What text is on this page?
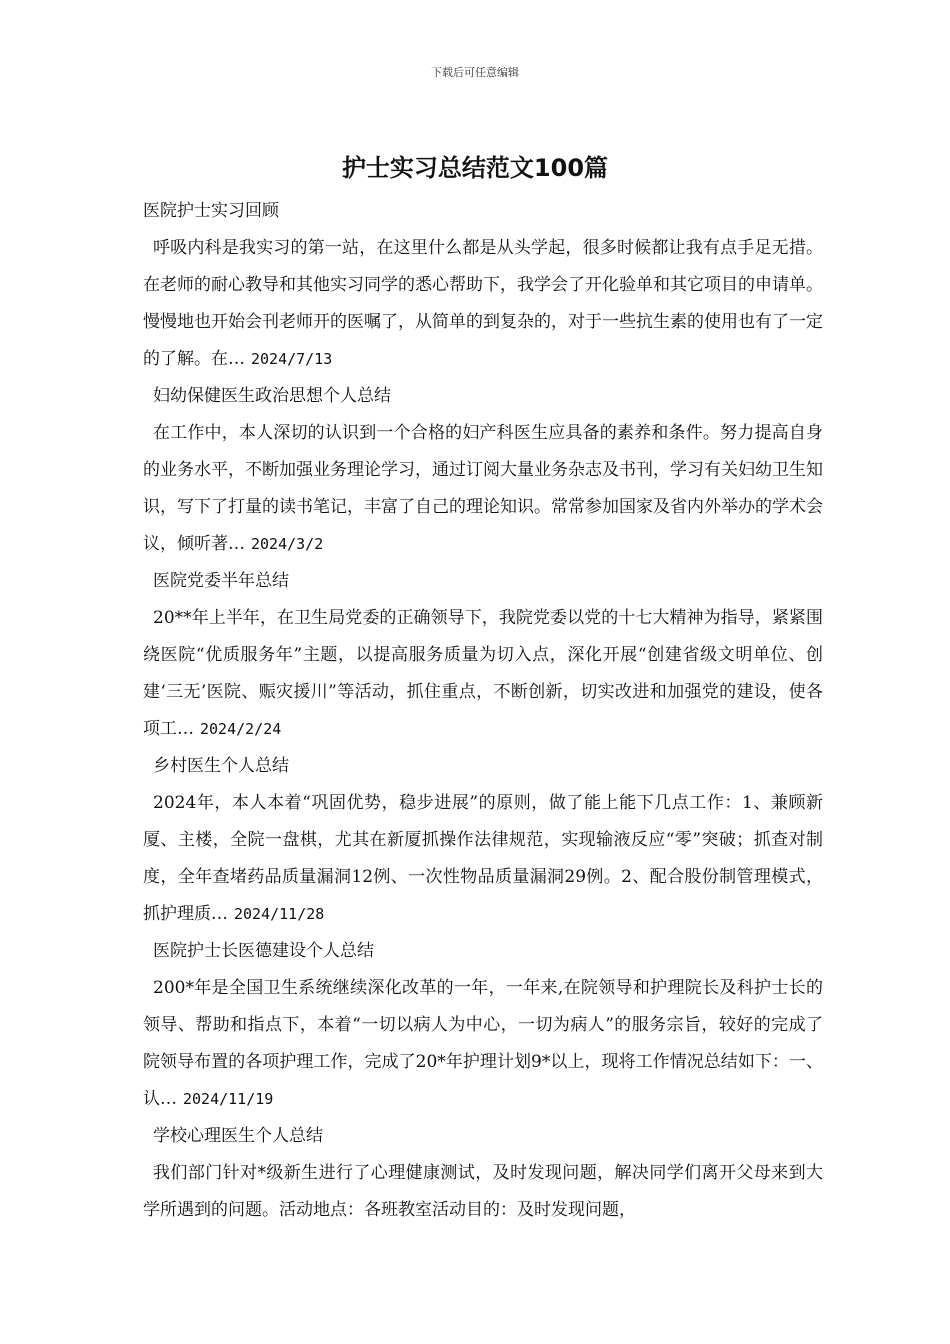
下载后可任意编辑
护士实习总结范文100篇
医院护士实习回顾
呼吸内科是我实习的第一站，在这里什么都是从头学起，很多时候都让我有点手足无措。在老师的耐心教导和其他实习同学的悉心帮助下，我学会了开化验单和其它项目的申请单。慢慢地也开始会刊老师开的医嘱了，从简单的到复杂的，对于一些抗生素的使用也有了一定的了解。在… 2024/7/13
妇幼保健医生政治思想个人总结
在工作中，本人深切的认识到一个合格的妇产科医生应具备的素养和条件。努力提高自身的业务水平，不断加强业务理论学习，通过订阅大量业务杂志及书刊，学习有关妇幼卫生知识，写下了打量的读书笔记，丰富了自己的理论知识。常常参加国家及省内外举办的学术会议，倾听著… 2024/3/2
医院党委半年总结
20**年上半年，在卫生局党委的正确领导下，我院党委以党的十七大精神为指导，紧紧围绕医院“优质服务年”主题，以提高服务质量为切入点，深化开展“创建省级文明单位、创建‘三无’医院、赈灾援川”等活动，抓住重点，不断创新，切实改进和加强党的建设，使各项工… 2024/2/24
乡村医生个人总结
2024年，本人本着“巩固优势，稳步进展”的原则，做了能上能下几点工作：1、兼顾新厦、主楼，全院一盘棋，尤其在新厦抓操作法律规范，实现输液反应“零”突破；抓查对制度，全年查堵药品质量漏洞12例、一次性物品质量漏洞29例。2、配合股份制管理模式，抓护理质… 2024/11/28
医院护士长医德建设个人总结
200*年是全国卫生系统继续深化改革的一年，一年来,在院领导和护理院长及科护士长的领导、帮助和指点下，本着“一切以病人为中心，一切为病人”的服务宗旨，较好的完成了院领导布置的各项护理工作，完成了20*年护理计划9*以上，现将工作情况总结如下：一、认… 2024/11/19
学校心理医生个人总结
我们部门针对*级新生进行了心理健康测试，及时发现问题，解决同学们离开父母来到大学所遇到的问题。活动地点：各班教室活动目的：及时发现问题，
